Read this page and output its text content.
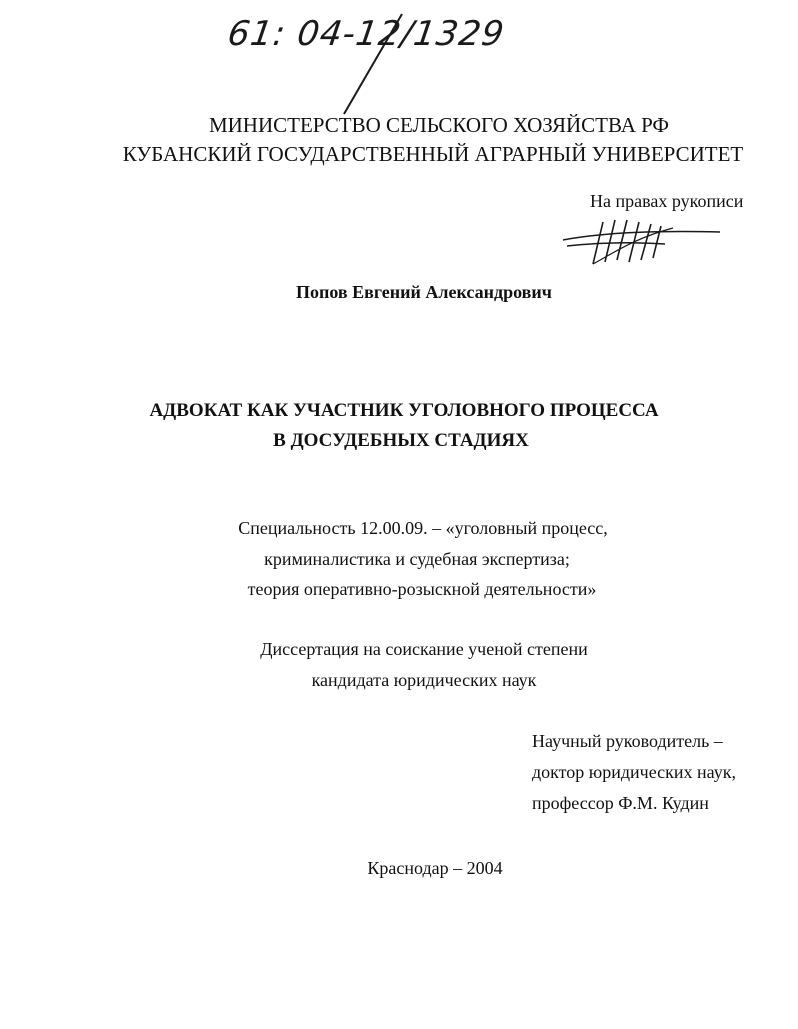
61: 04-12/1329
МИНИСТЕРСТВО СЕЛЬСКОГО ХОЗЯЙСТВА РФ
КУБАНСКИЙ ГОСУДАРСТВЕННЫЙ АГРАРНЫЙ УНИВЕРСИТЕТ
На правах рукописи
Попов Евгений Александрович
АДВОКАТ КАК УЧАСТНИК УГОЛОВНОГО ПРОЦЕССА
В ДОСУДЕБНЫХ СТАДИЯХ
Специальность 12.00.09. – «уголовный процесс,
криминалистика и судебная экспертиза;
теория оперативно-розыскной деятельности»
Диссертация на соискание ученой степени
кандидата юридических наук
Научный руководитель –
доктор юридических наук,
профессор Ф.М. Кудин
Краснодар – 2004
